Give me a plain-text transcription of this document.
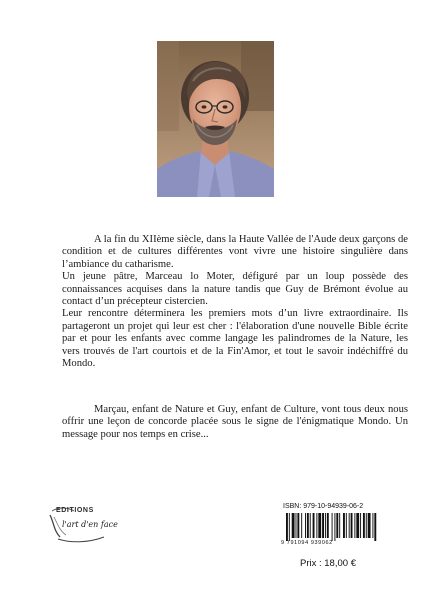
A la fin du XIIème siècle, dans la Haute Vallée de l'Aude deux garçons de condition et de cultures différentes vont vivre une histoire singulière dans l’ambiance du catharisme.

Un jeune pâtre, Marceau lo Moter, défiguré par un loup possède des connaissances acquises dans la nature tandis que Guy de Brémont évolue au contact d’un précepteur cistercien.

Leur rencontre déterminera les premiers mots d’un livre extraordinaire. Ils partageront un projet qui leur est cher : l'élaboration d'une nouvelle Bible écrite par et pour les enfants avec comme langage les palindromes de la Nature, les vers trouvés de l'art courtois et de la Fin'Amor, et tout le savoir indéchiffré du Mondo.

Marçau, enfant de Nature et Guy, enfant de Culture, vont tous deux nous offrir une leçon de concorde placée sous le signe de l'énigmatique Mondo. Un message pour nos temps en crise...

EDITIONS
l'art d'en face
ISBN: 979-10-94939-06-2
9 791094 939062
Prix : 18,00 €
